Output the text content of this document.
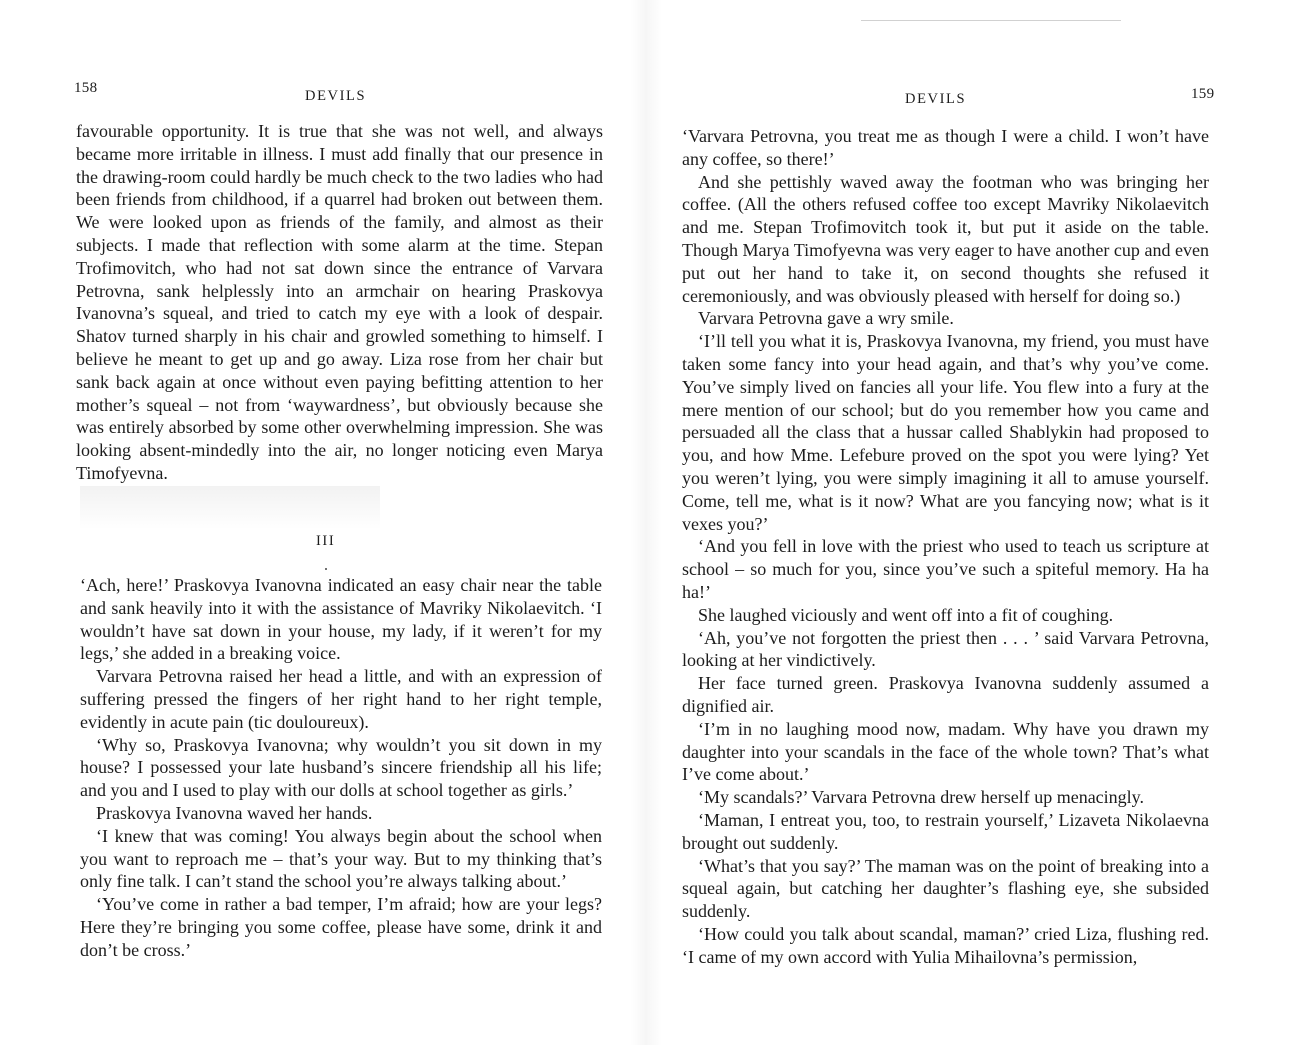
158	DEVILS

favourable opportunity. It is true that she was not well, and always became more irritable in illness. I must add finally that our presence in the drawing-room could hardly be much check to the two ladies who had been friends from childhood, if a quarrel had broken out between them. We were looked upon as friends of the family, and almost as their subjects. I made that reflection with some alarm at the time. Stepan Trofimovitch, who had not sat down since the entrance of Varvara Petrovna, sank helplessly into an armchair on hearing Praskovya Ivanovna’s squeal, and tried to catch my eye with a look of despair. Shatov turned sharply in his chair and growled something to himself. I believe he meant to get up and go away. Liza rose from her chair but sank back again at once without even paying befitting attention to her mother’s squeal – not from ‘waywardness’, but obviously because she was entirely absorbed by some other overwhelming impression. She was looking absent-mindedly into the air, no longer noticing even Marya Timofyevna.

III

‘Ach, here!’ Praskovya Ivanovna indicated an easy chair near the table and sank heavily into it with the assistance of Mavriky Nikolaevitch. ‘I wouldn’t have sat down in your house, my lady, if it weren’t for my legs,’ she added in a breaking voice.

Varvara Petrovna raised her head a little, and with an expression of suffering pressed the fingers of her right hand to her right temple, evidently in acute pain (tic douloureux).

‘Why so, Praskovya Ivanovna; why wouldn’t you sit down in my house? I possessed your late husband’s sincere friendship all his life; and you and I used to play with our dolls at school together as girls.’

Praskovya Ivanovna waved her hands.

‘I knew that was coming! You always begin about the school when you want to reproach me – that’s your way. But to my thinking that’s only fine talk. I can’t stand the school you’re always talking about.’

‘You’ve come in rather a bad temper, I’m afraid; how are your legs? Here they’re bringing you some coffee, please have some, drink it and don’t be cross.’

DEVILS	159

‘Varvara Petrovna, you treat me as though I were a child. I won’t have any coffee, so there!’

And she pettishly waved away the footman who was bringing her coffee. (All the others refused coffee too except Mavriky Nikolaevitch and me. Stepan Trofimovitch took it, but put it aside on the table. Though Marya Timofyevna was very eager to have another cup and even put out her hand to take it, on second thoughts she refused it ceremoniously, and was obviously pleased with herself for doing so.)

Varvara Petrovna gave a wry smile.

‘I’ll tell you what it is, Praskovya Ivanovna, my friend, you must have taken some fancy into your head again, and that’s why you’ve come. You’ve simply lived on fancies all your life. You flew into a fury at the mere mention of our school; but do you remember how you came and persuaded all the class that a hussar called Shablykin had proposed to you, and how Mme. Lefebure proved on the spot you were lying? Yet you weren’t lying, you were simply imagining it all to amuse yourself. Come, tell me, what is it now? What are you fancying now; what is it vexes you?’

‘And you fell in love with the priest who used to teach us scripture at school – so much for you, since you’ve such a spiteful memory. Ha ha ha!’

She laughed viciously and went off into a fit of coughing.

‘Ah, you’ve not forgotten the priest then . . . ’ said Varvara Petrovna, looking at her vindictively.

Her face turned green. Praskovya Ivanovna suddenly assumed a dignified air.

‘I’m in no laughing mood now, madam. Why have you drawn my daughter into your scandals in the face of the whole town? That’s what I’ve come about.’

‘My scandals?’ Varvara Petrovna drew herself up menacingly.

‘Maman, I entreat you, too, to restrain yourself,’ Lizaveta Nikolaevna brought out suddenly.

‘What’s that you say?’ The maman was on the point of breaking into a squeal again, but catching her daughter’s flashing eye, she subsided suddenly.

‘How could you talk about scandal, maman?’ cried Liza, flushing red. ‘I came of my own accord with Yulia Mihailovna’s permission,
